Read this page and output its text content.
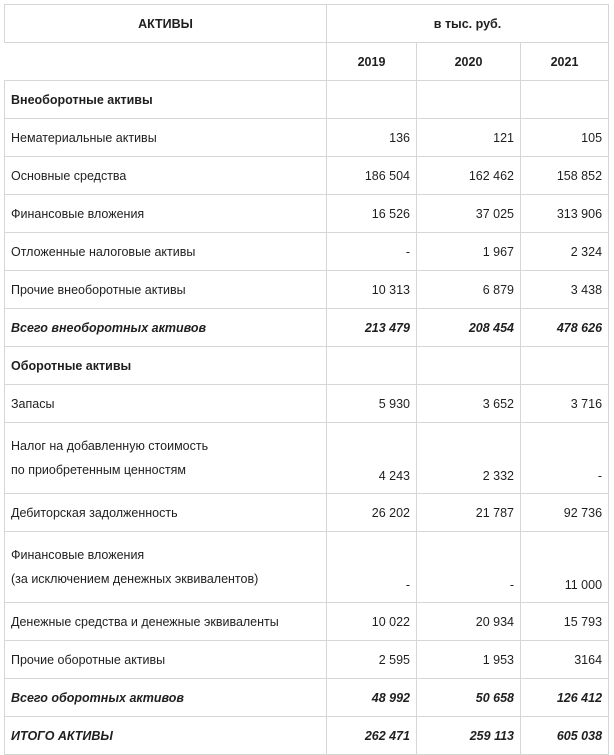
АКТИВЫ	в тыс. руб.		
	2019	2020	2021
Внеоборотные активы			
Нематериальные активы	136	121	105
Основные средства	186 504	162 462	158 852
Финансовые вложения	16 526	37 025	313 906
Отложенные налоговые активы	-	1 967	2 324
Прочие внеоборотные активы	10 313	6 879	3 438
Всего внеоборотных активов	213 479	208 454	478 626
Оборотные активы			
Запасы	5 930	3 652	3 716

Налог на добавленную стоимость
по приобретенным ценностям	4 243	2 332	-
Дебиторская задолженность	26 202	21 787	92 736

Финансовые вложения
(за исключением денежных эквивалентов)	-	-	11 000
Денежные средства и денежные эквиваленты	10 022	20 934	15 793
Прочие оборотные активы	2 595	1 953	3164
Всего оборотных активов	48 992	50 658	126 412
ИТОГО АКТИВЫ	262 471	259 113	605 038
